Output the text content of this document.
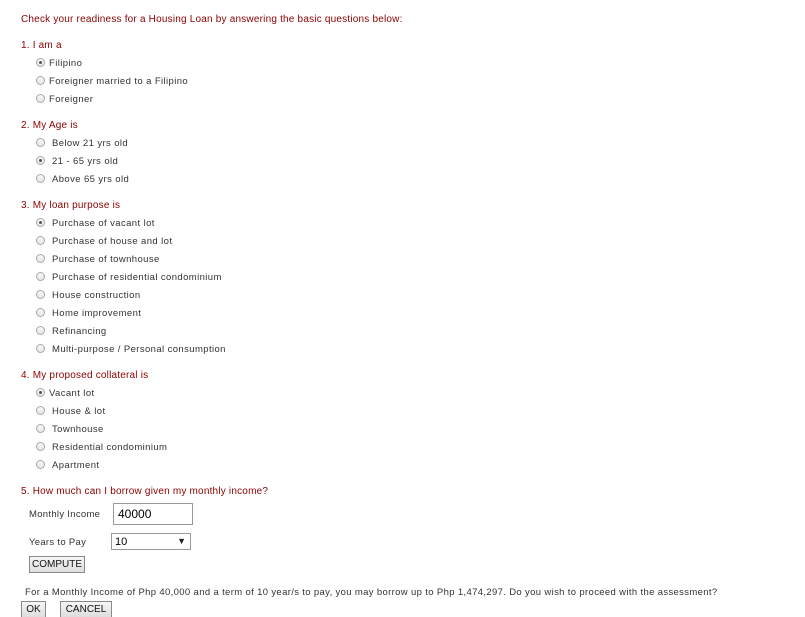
Check your readiness for a Housing Loan by answering the basic questions below:
1. I am a
Filipino
Foreigner married to a Filipino
Foreigner
2. My Age is
Below 21 yrs old
21 - 65 yrs old
Above 65 yrs old
3. My loan purpose is
Purchase of vacant lot
Purchase of house and lot
Purchase of townhouse
Purchase of residential condominium
House construction
Home improvement
Refinancing
Multi-purpose / Personal consumption
4. My proposed collateral is
Vacant lot
House & lot
Townhouse
Residential condominium
Apartment
5. How much can I borrow given my monthly income?
Monthly Income
40000
Years to Pay	10	▼
COMPUTE
For a Monthly Income of Php 40,000 and a term of 10 year/s to pay, you may borrow up to Php 1,474,297. Do you wish to proceed with the assessment?
OK	CANCEL
